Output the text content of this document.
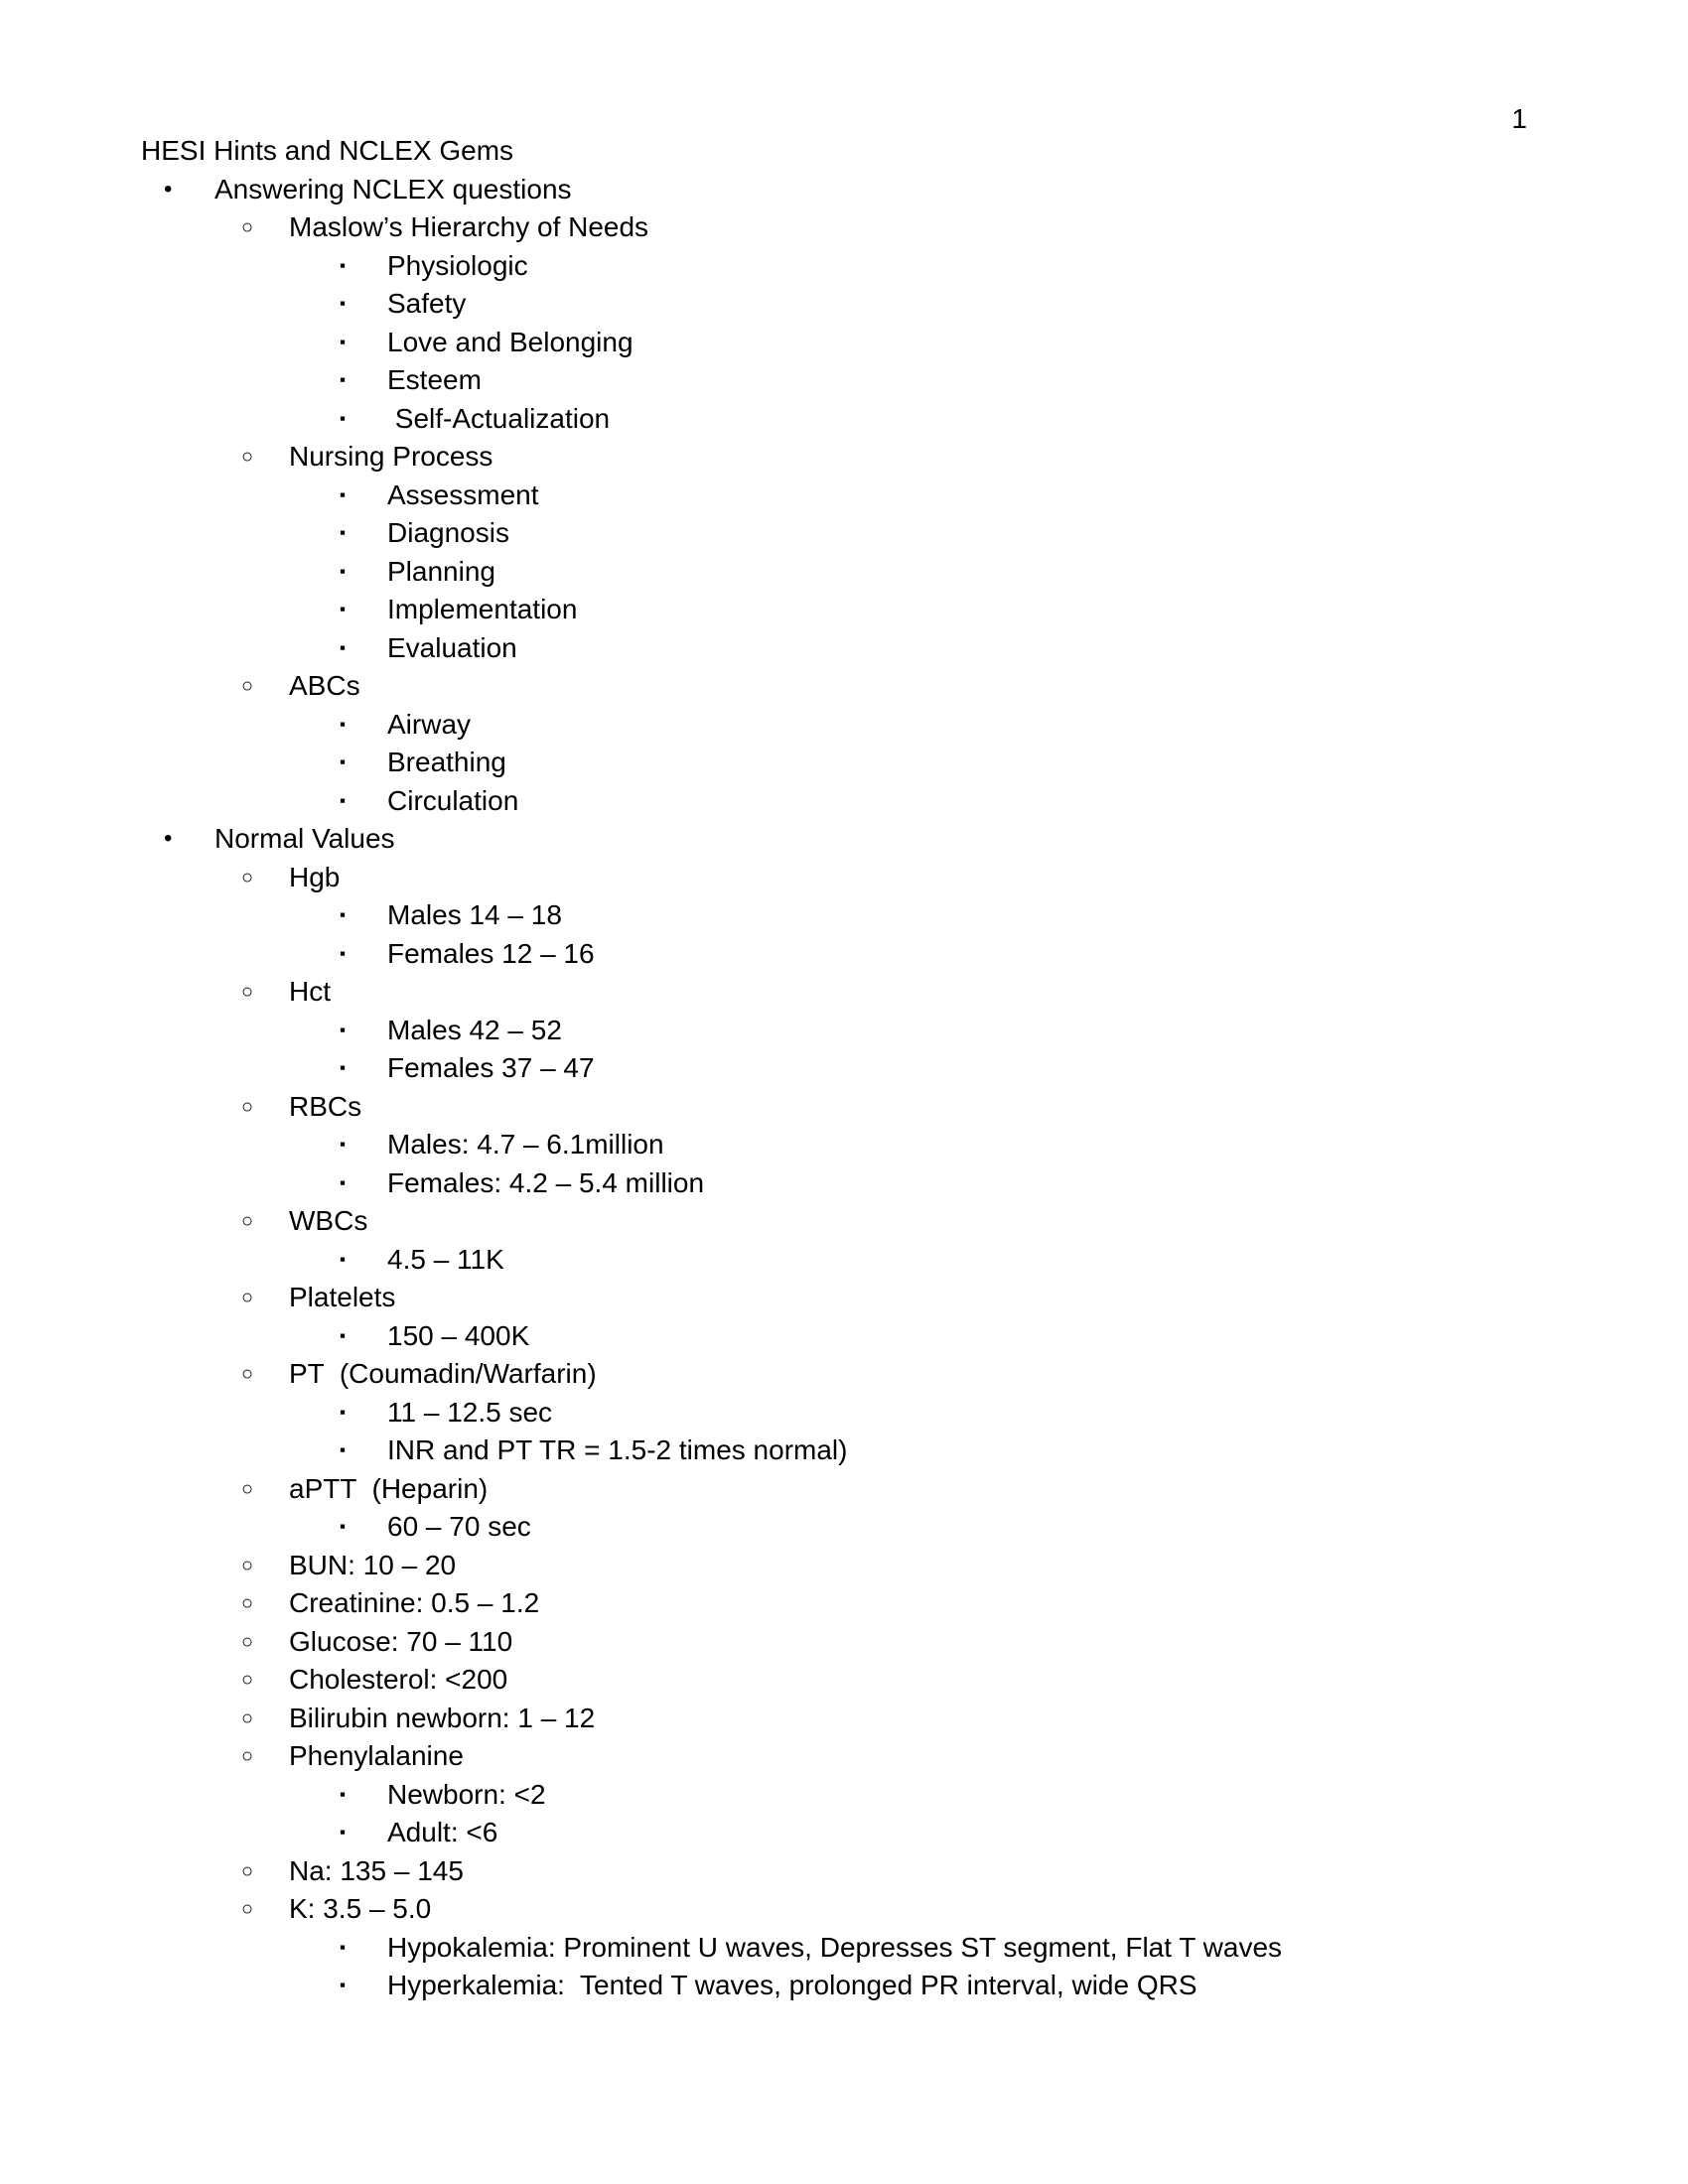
1
HESI Hints and NCLEX Gems
•	Answering NCLEX questions
○ Maslow’s Hierarchy of Needs
▪	Physiologic
▪	Safety
▪	Love and Belonging
▪	Esteem
▪	Self-Actualization
○ Nursing Process
▪	Assessment
▪	Diagnosis
▪	Planning
▪	Implementation
▪	Evaluation
○ ABCs
▪	Airway
▪	Breathing
▪	Circulation
•	Normal Values
○ Hgb
▪	Males 14 – 18
▪	Females 12 – 16
○ Hct
▪	Males 42 – 52
▪	Females 37 – 47
○ RBCs
▪	Males: 4.7 – 6.1million
▪	Females: 4.2 – 5.4 million
○ WBCs
▪	4.5 – 11K
○ Platelets
▪	150 – 400K
○ PT  (Coumadin/Warfarin)
▪	11 – 12.5 sec
▪	INR and PT TR = 1.5-2 times normal)
○ aPTT  (Heparin)
▪	60 – 70 sec
○ BUN: 10 – 20
○ Creatinine: 0.5 – 1.2
○ Glucose: 70 – 110
○ Cholesterol: <200
○ Bilirubin newborn: 1 – 12
○ Phenylalanine
▪	Newborn: <2
▪	Adult: <6
○ Na: 135 – 145
○ K: 3.5 – 5.0
▪	Hypokalemia: Prominent U waves, Depresses ST segment, Flat T waves
▪	Hyperkalemia:  Tented T waves, prolonged PR interval, wide QRS
